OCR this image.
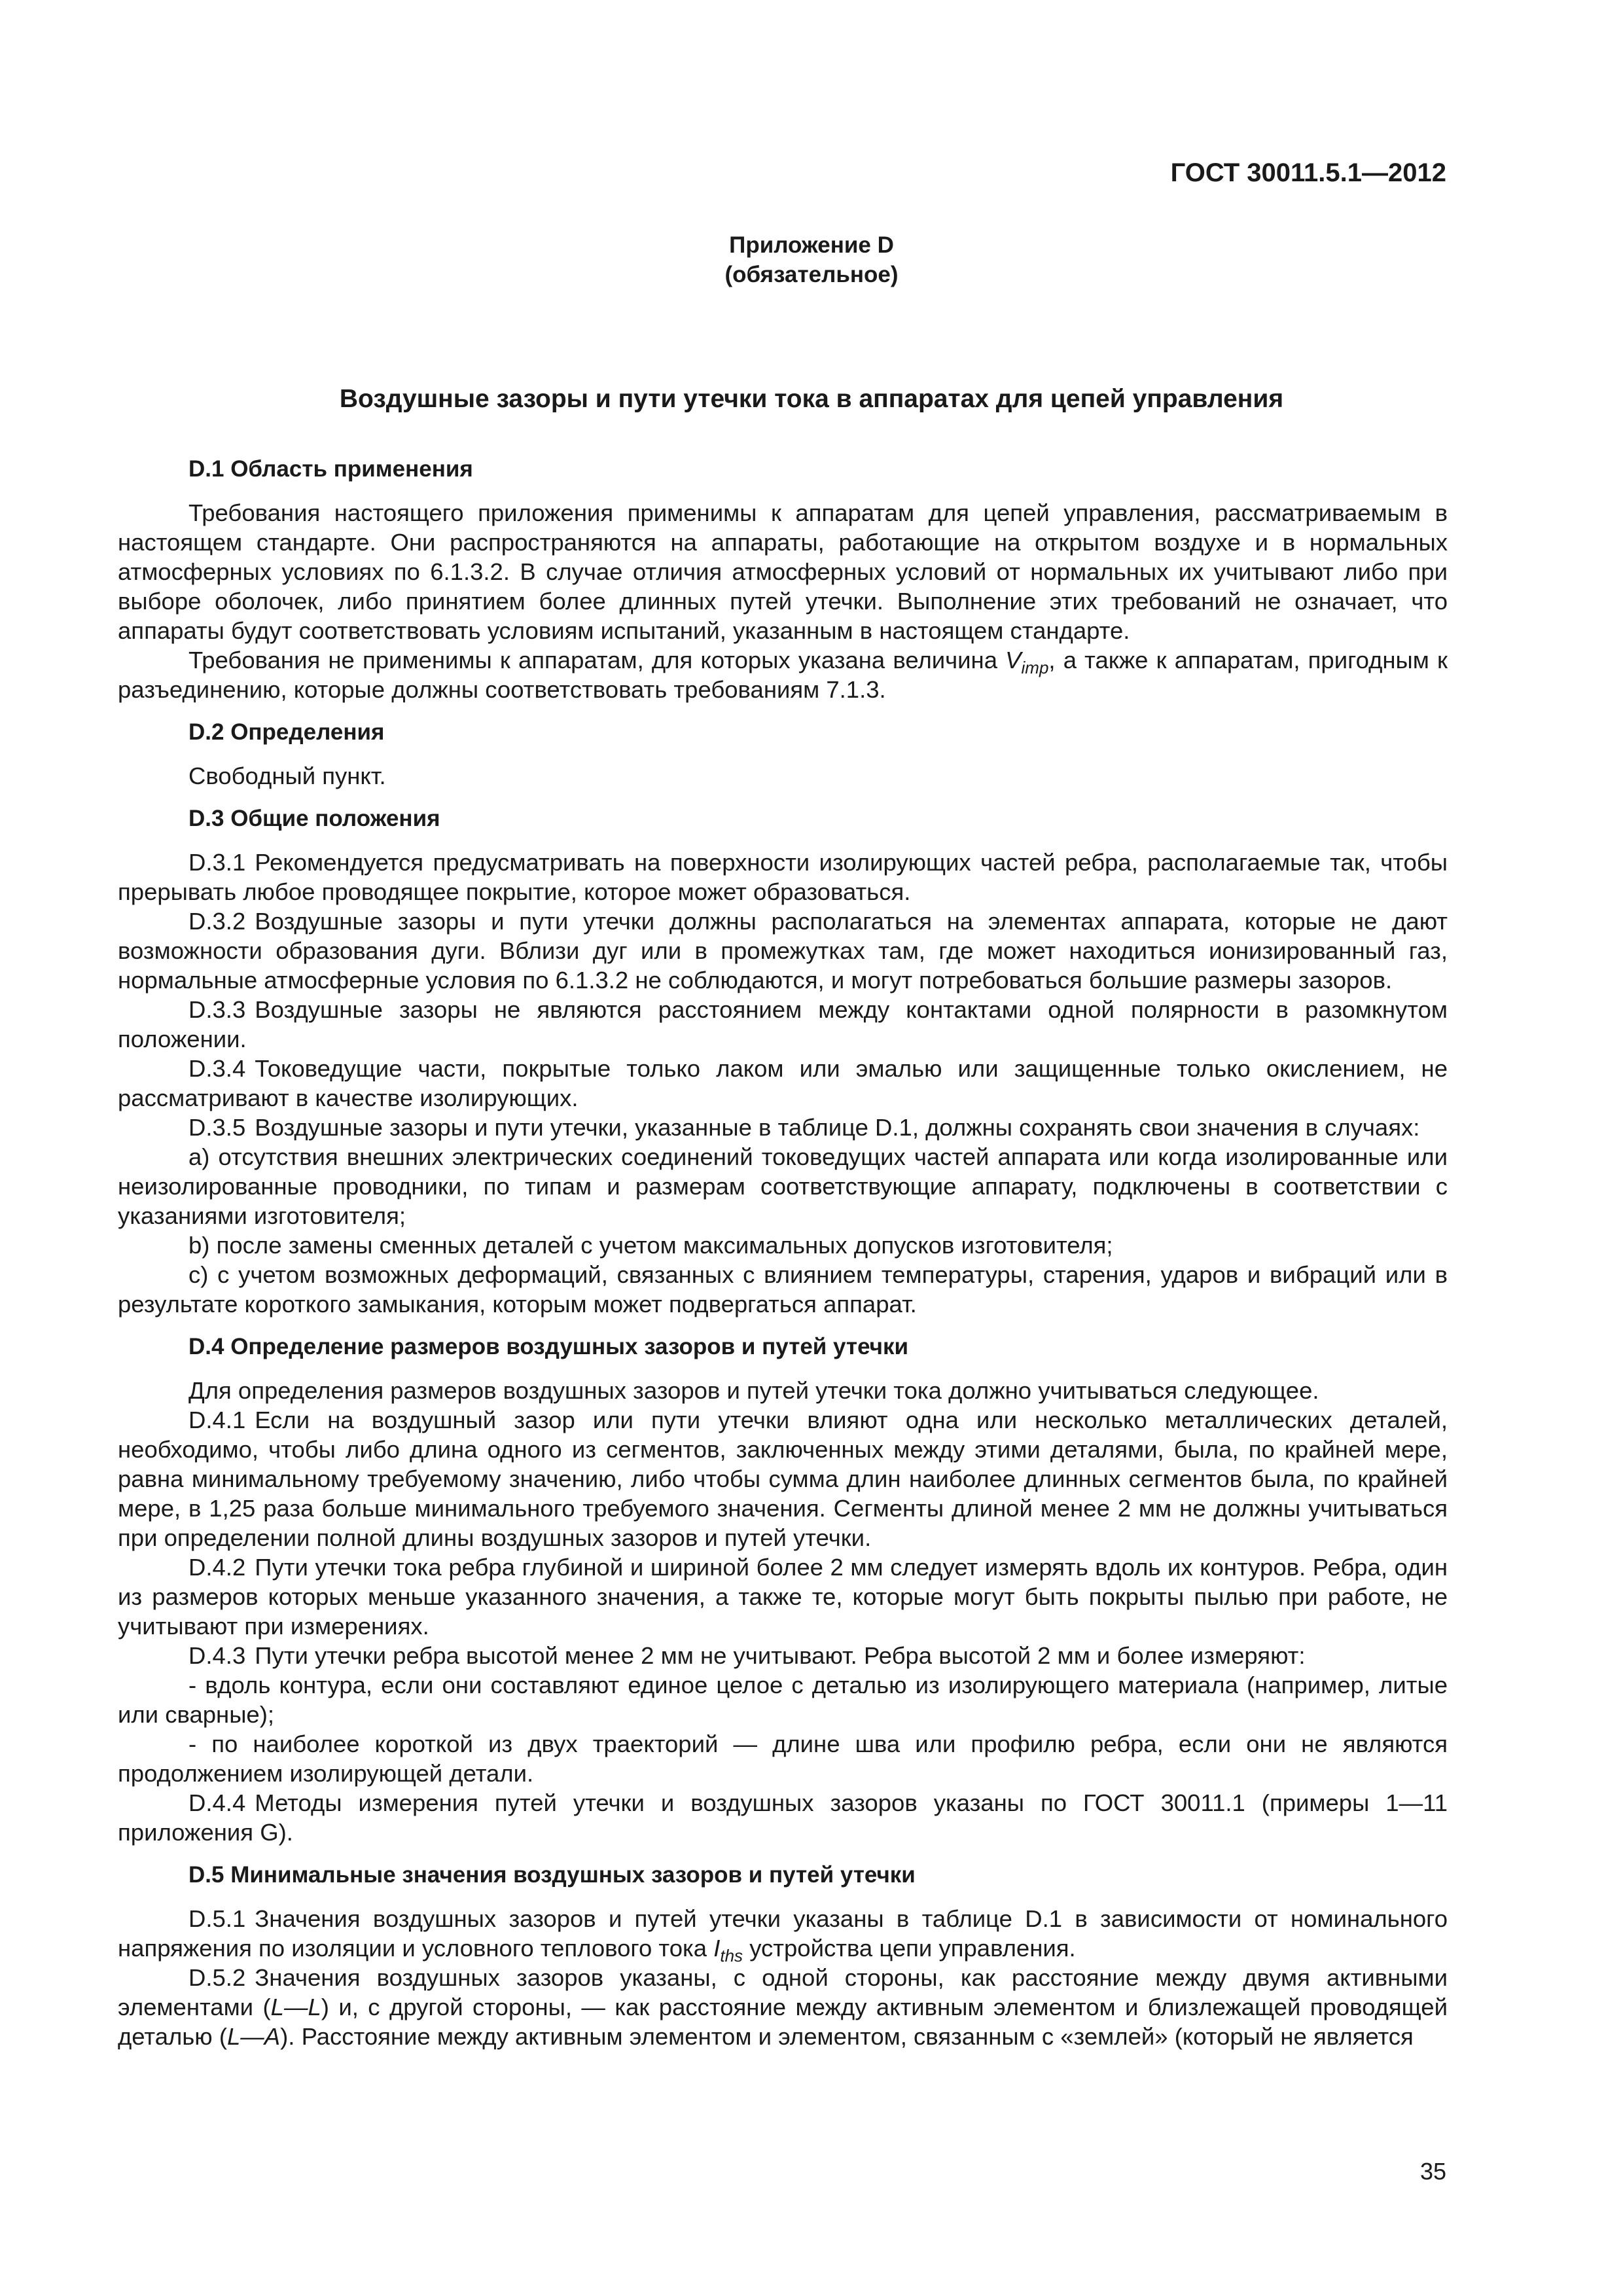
ГОСТ 30011.5.1—2012
Приложение D
(обязательное)
Воздушные зазоры и пути утечки тока в аппаратах для цепей управления

D.1 Область применения

Требования настоящего приложения применимы к аппаратам для цепей управления, рассматриваемым в настоящем стандарте. Они распространяются на аппараты, работающие на открытом воздухе и в нормальных атмосферных условиях по 6.1.3.2. В случае отличия атмосферных условий от нормальных их учитывают либо при выборе оболочек, либо принятием более длинных путей утечки. Выполнение этих требований не означает, что аппараты будут соответствовать условиям испытаний, указанным в настоящем стандарте.

Требования не применимы к аппаратам, для которых указана величина $V_{imp}$, а также к аппаратам, пригодным к разъединению, которые должны соответствовать требованиям 7.1.3.

D.2 Определения

Свободный пункт.

D.3 Общие положения

D.3.1 Рекомендуется предусматривать на поверхности изолирующих частей ребра, располагаемые так, чтобы прерывать любое проводящее покрытие, которое может образоваться.

D.3.2 Воздушные зазоры и пути утечки должны располагаться на элементах аппарата, которые не дают возможности образования дуги. Вблизи дуг или в промежутках там, где может находиться ионизированный газ, нормальные атмосферные условия по 6.1.3.2 не соблюдаются, и могут потребоваться большие размеры зазоров.

D.3.3 Воздушные зазоры не являются расстоянием между контактами одной полярности в разомкнутом положении.

D.3.4 Токоведущие части, покрытые только лаком или эмалью или защищенные только окислением, не рассматривают в качестве изолирующих.

D.3.5 Воздушные зазоры и пути утечки, указанные в таблице D.1, должны сохранять свои значения в случаях:

a) отсутствия внешних электрических соединений токоведущих частей аппарата или когда изолированные или неизолированные проводники, по типам и размерам соответствующие аппарату, подключены в соответствии с указаниями изготовителя;

b) после замены сменных деталей с учетом максимальных допусков изготовителя;

c) с учетом возможных деформаций, связанных с влиянием температуры, старения, ударов и вибраций или в результате короткого замыкания, которым может подвергаться аппарат.

D.4 Определение размеров воздушных зазоров и путей утечки

Для определения размеров воздушных зазоров и путей утечки тока должно учитываться следующее.

D.4.1 Если на воздушный зазор или пути утечки влияют одна или несколько металлических деталей, необходимо, чтобы либо длина одного из сегментов, заключенных между этими деталями, была, по крайней мере, равна минимальному требуемому значению, либо чтобы сумма длин наиболее длинных сегментов была, по крайней мере, в 1,25 раза больше минимального требуемого значения. Сегменты длиной менее 2 мм не должны учитываться при определении полной длины воздушных зазоров и путей утечки.

D.4.2 Пути утечки тока ребра глубиной и шириной более 2 мм следует измерять вдоль их контуров. Ребра, один из размеров которых меньше указанного значения, а также те, которые могут быть покрыты пылью при работе, не учитывают при измерениях.

D.4.3 Пути утечки ребра высотой менее 2 мм не учитывают. Ребра высотой 2 мм и более измеряют:

- вдоль контура, если они составляют единое целое с деталью из изолирующего материала (например, литые или сварные);

- по наиболее короткой из двух траекторий — длине шва или профилю ребра, если они не являются продолжением изолирующей детали.

D.4.4 Методы измерения путей утечки и воздушных зазоров указаны по ГОСТ 30011.1 (примеры 1—11 приложения G).

D.5 Минимальные значения воздушных зазоров и путей утечки

D.5.1 Значения воздушных зазоров и путей утечки указаны в таблице D.1 в зависимости от номинального напряжения по изоляции и условного теплового тока $I_{ths}$ устройства цепи управления.

D.5.2 Значения воздушных зазоров указаны, с одной стороны, как расстояние между двумя активными элементами (L—L) и, с другой стороны, — как расстояние между активным элементом и близлежащей проводящей деталью (L—A). Расстояние между активным элементом и элементом, связанным с «землей» (который не является

35
